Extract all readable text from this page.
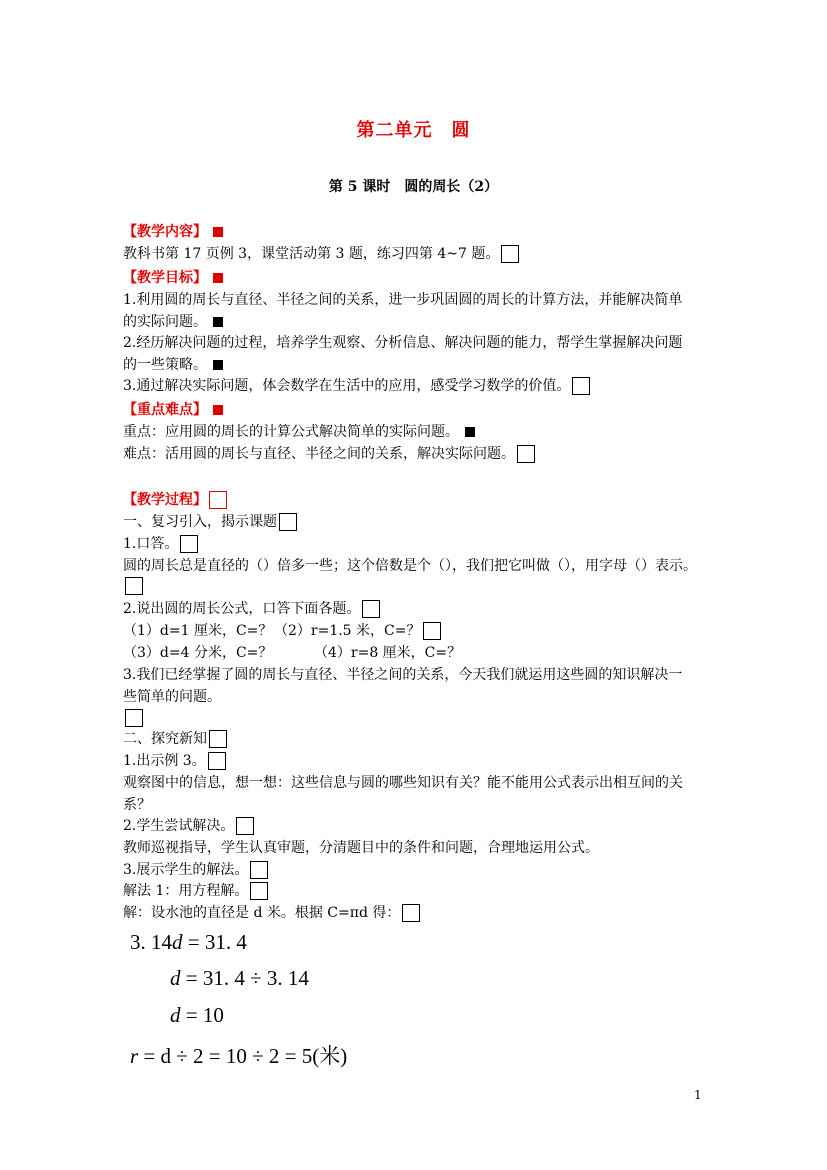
第二单元　圆
第 5 课时　圆的周长（2）
【教学内容】
教科书第 17 页例 3，课堂活动第 3 题，练习四第 4~7 题。
【教学目标】
1.利用圆的周长与直径、半径之间的关系，进一步巩固圆的周长的计算方法，并能解决简单
的实际问题。
2.经历解决问题的过程，培养学生观察、分析信息、解决问题的能力，帮学生掌握解决问题
的一些策略。
3.通过解决实际问题，体会数学在生活中的应用，感受学习数学的价值。
【重点难点】
重点：应用圆的周长的计算公式解决简单的实际问题。
难点：活用圆的周长与直径、半径之间的关系，解决实际问题。
【教学过程】
一、复习引入，揭示课题
1.口答。
圆的周长总是直径的（）倍多一些；这个倍数是个（），我们把它叫做（），用字母（）表示。
2.说出圆的周长公式，口答下面各题。
（1）d=1 厘米，C=？ （2）r=1.5 米，C=？
（3）d=4 分米，C=？	（4）r=8 厘米，C=？
3.我们已经掌握了圆的周长与直径、半径之间的关系，今天我们就运用这些圆的知识解决一
些简单的问题。
二、探究新知
1.出示例 3。
观察图中的信息，想一想：这些信息与圆的哪些知识有关？能不能用公式表示出相互间的关
系？
2.学生尝试解决。
教师巡视指导，学生认真审题，分清题目中的条件和问题，合理地运用公式。
3.展示学生的解法。
解法 1：用方程解。
解：设水池的直径是 d 米。根据 C=πd 得：
3. 14d = 31. 4
d = 31. 4 ÷ 3. 14
d = 10
r = d ÷ 2 = 10 ÷ 2 = 5(米)
1
